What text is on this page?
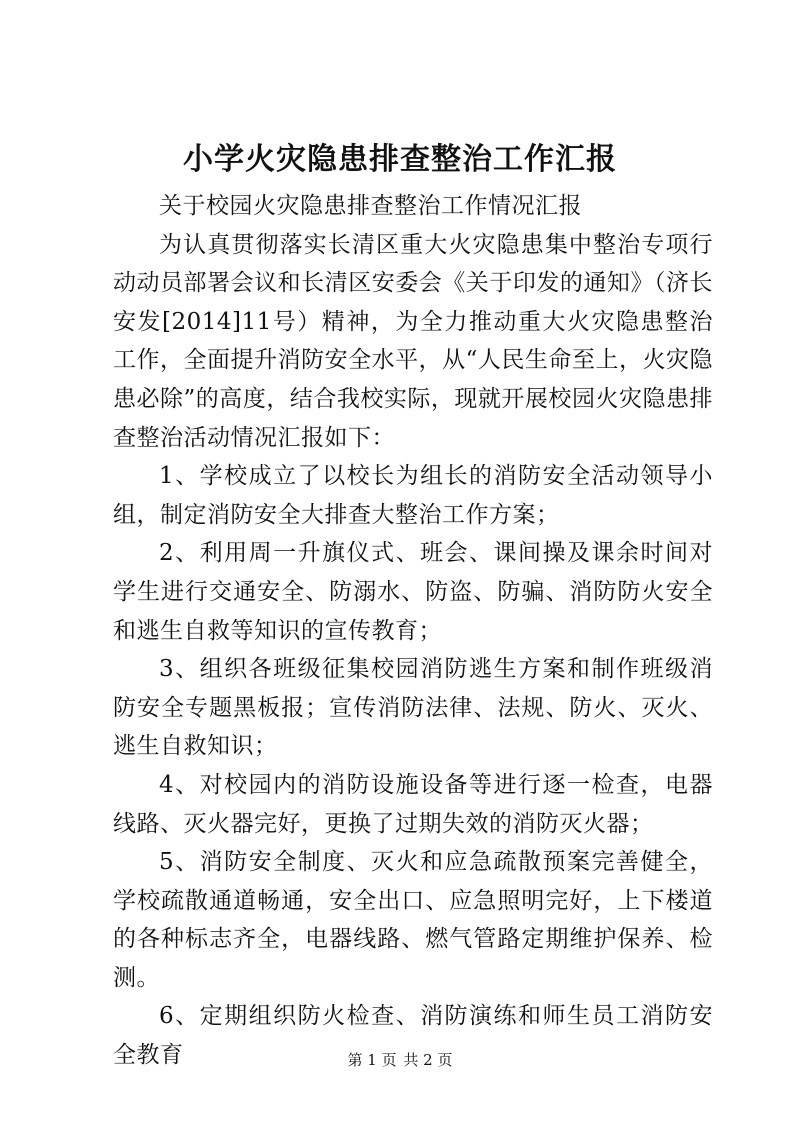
小学火灾隐患排查整治工作汇报

关于校园火灾隐患排查整治工作情况汇报

为认真贯彻落实长清区重大火灾隐患集中整治专项行动动员部署会议和长清区安委会《关于印发的通知》（济长安发[2014]11号）精神，为全力推动重大火灾隐患整治工作，全面提升消防安全水平，从“人民生命至上，火灾隐患必除”的高度，结合我校实际，现就开展校园火灾隐患排查整治活动情况汇报如下：

1、学校成立了以校长为组长的消防安全活动领导小组，制定消防安全大排查大整治工作方案；

2、利用周一升旗仪式、班会、课间操及课余时间对学生进行交通安全、防溺水、防盗、防骗、消防防火安全和逃生自救等知识的宣传教育；

3、组织各班级征集校园消防逃生方案和制作班级消防安全专题黑板报；宣传消防法律、法规、防火、灭火、逃生自救知识；

4、对校园内的消防设施设备等进行逐一检查，电器线路、灭火器完好，更换了过期失效的消防灭火器；

5、消防安全制度、灭火和应急疏散预案完善健全，学校疏散通道畅通，安全出口、应急照明完好，上下楼道的各种标志齐全，电器线路、燃气管路定期维护保养、检测。

6、定期组织防火检查、消防演练和师生员工消防安全教育	第 1 页 共 2 页
